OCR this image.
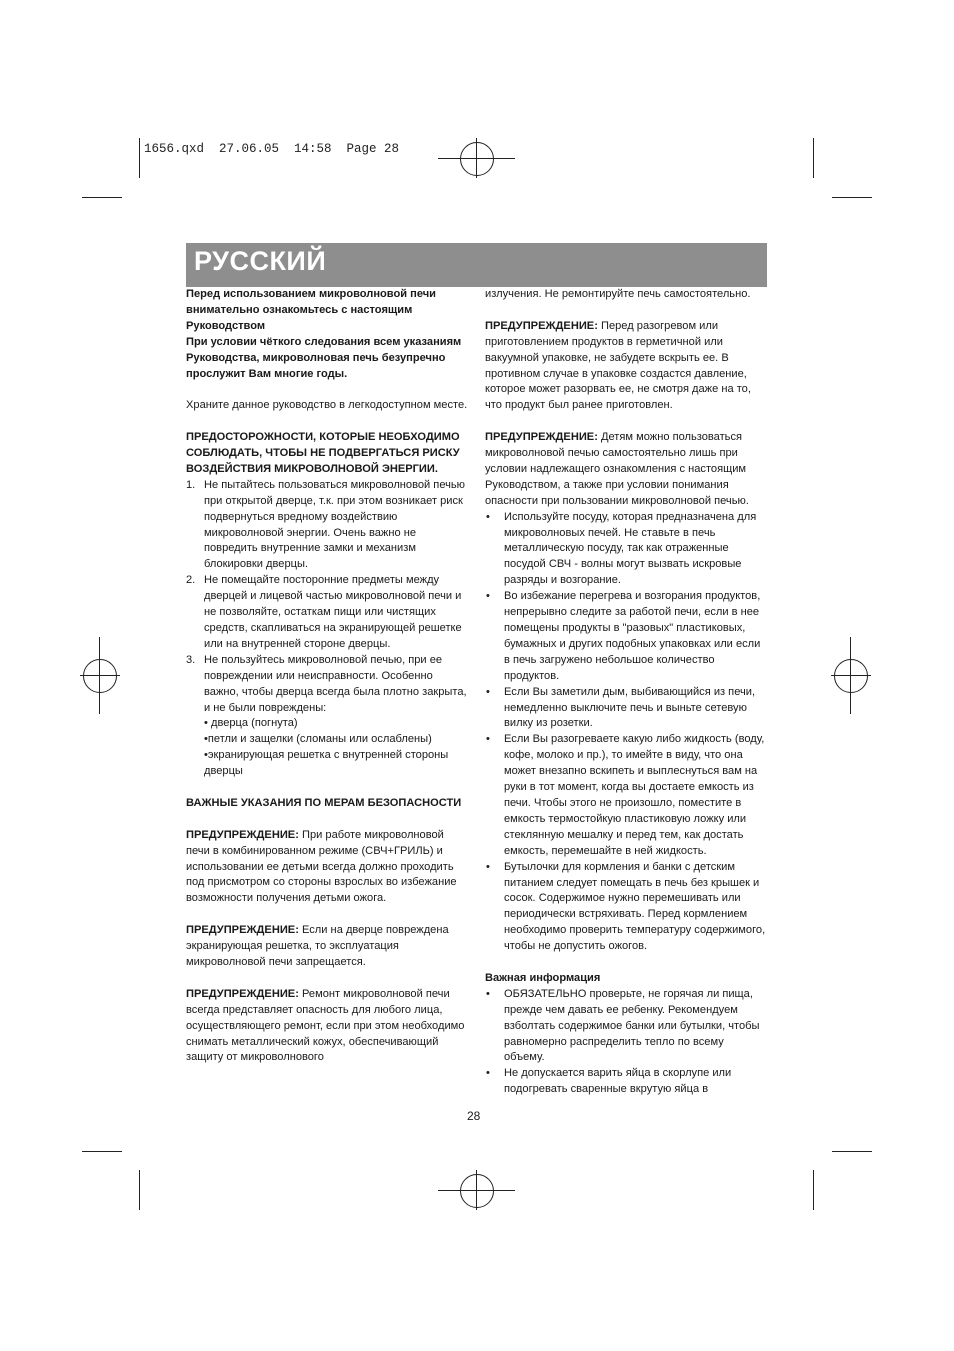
1656.qxd  27.06.05  14:58  Page 28
РУССКИЙ

Перед использованием микроволновой печи внимательно ознакомьтесь с настоящим Руководством

При условии чёткого следования всем указаниям Руководства, микроволновая печь безупречно прослужит Вам многие годы.

Храните данное руководство в легкодоступном месте.

ПРЕДОСТОРОЖНОСТИ, КОТОРЫЕ НЕОБХОДИМО СОБЛЮДАТЬ, ЧТОБЫ НЕ ПОДВЕРГАТЬСЯ РИСКУ ВОЗДЕЙСТВИЯ МИКРОВОЛНОВОЙ ЭНЕРГИИ.

1. Не пытайтесь пользоваться микроволновой печью при открытой дверце, т.к. при этом возникает риск подвернуться вредному воздействию микроволновой энергии. Очень важно не повредить внутренние замки и механизм блокировки дверцы.
2. Не помещайте посторонние предметы между дверцей и лицевой частью микроволновой печи и не позволяйте, остаткам пищи или чистящих средств, скапливаться на экранирующей решетке или на внутренней стороне дверцы.
3. Не пользуйтесь микроволновой печью, при ее повреждении или неисправности. Особенно важно, чтобы дверца всегда была плотно закрыта, и не были повреждены:

• дверца (погнута)

•петли и защелки (сломаны или ослаблены)

•экранирующая решетка с внутренней стороны дверцы

ВАЖНЫЕ УКАЗАНИЯ ПО МЕРАМ БЕЗОПАСНОСТИ

ПРЕДУПРЕЖДЕНИЕ: При работе микроволновой печи в комбинированном режиме (СВЧ+ГРИЛЬ) и использовании ее детьми всегда должно проходить под присмотром со стороны взрослых во избежание возможности получения детьми ожога.

ПРЕДУПРЕЖДЕНИЕ: Если на дверце повреждена экранирующая решетка, то эксплуатация микроволновой печи запрещается.

ПРЕДУПРЕЖДЕНИЕ: Ремонт микроволновой печи всегда представляет опасность для любого лица, осуществляющего ремонт, если при этом необходимо снимать металлический кожух, обеспечивающий защиту от микроволнового

излучения. Не ремонтируйте печь самостоятельно.

ПРЕДУПРЕЖДЕНИЕ: Перед разогревом или приготовлением продуктов в герметичной или вакуумной упаковке, не забудете вскрыть ее. В противном случае в упаковке создастся давление, которое может разорвать ее, не смотря даже на то, что продукт был ранее приготовлен.

ПРЕДУПРЕЖДЕНИЕ: Детям можно пользоваться микроволновой печью самостоятельно лишь при условии надлежащего ознакомления с настоящим Руководством, а также при условии понимания опасности при пользовании микроволновой печью.

•	Используйте посуду, которая предназначена для микроволновых печей. Не ставьте в печь металлическую посуду, так как отраженные посудой СВЧ - волны могут вызвать искровые разряды и возгорание.
•	Во избежание перегрева и возгорания продуктов, непрерывно следите за работой печи, если в нее помещены продукты в "разовых" пластиковых, бумажных и других подобных упаковках или если в печь загружено небольшое количество продуктов.
•	Если Вы заметили дым, выбивающийся из печи, немедленно выключите печь и выньте сетевую вилку из розетки.
•	Если Вы разогреваете какую либо жидкость (воду, кофе, молоко и пр.), то имейте в виду, что она может внезапно вскипеть и выплеснуться вам на руки в тот момент, когда вы достаете емкость из печи. Чтобы этого не произошло, поместите в емкость термостойкую пластиковую ложку или стеклянную мешалку и перед тем, как достать емкость, перемешайте в ней жидкость.
•	Бутылочки для кормления и банки с детским питанием следует помещать в печь без крышек и сосок. Содержимое нужно перемешивать или периодически встряхивать. Перед кормлением необходимо проверить температуру содержимого, чтобы не допустить ожогов.

Важная информация

•	ОБЯЗАТЕЛЬНО проверьте, не горячая ли пища, прежде чем давать ее ребенку. Рекомендуем взболтать содержимое банки или бутылки, чтобы равномерно распределить тепло по всему объему.
•	Не допускается варить яйца в скорлупе или подогревать сваренные вкрутую яйца в
28
